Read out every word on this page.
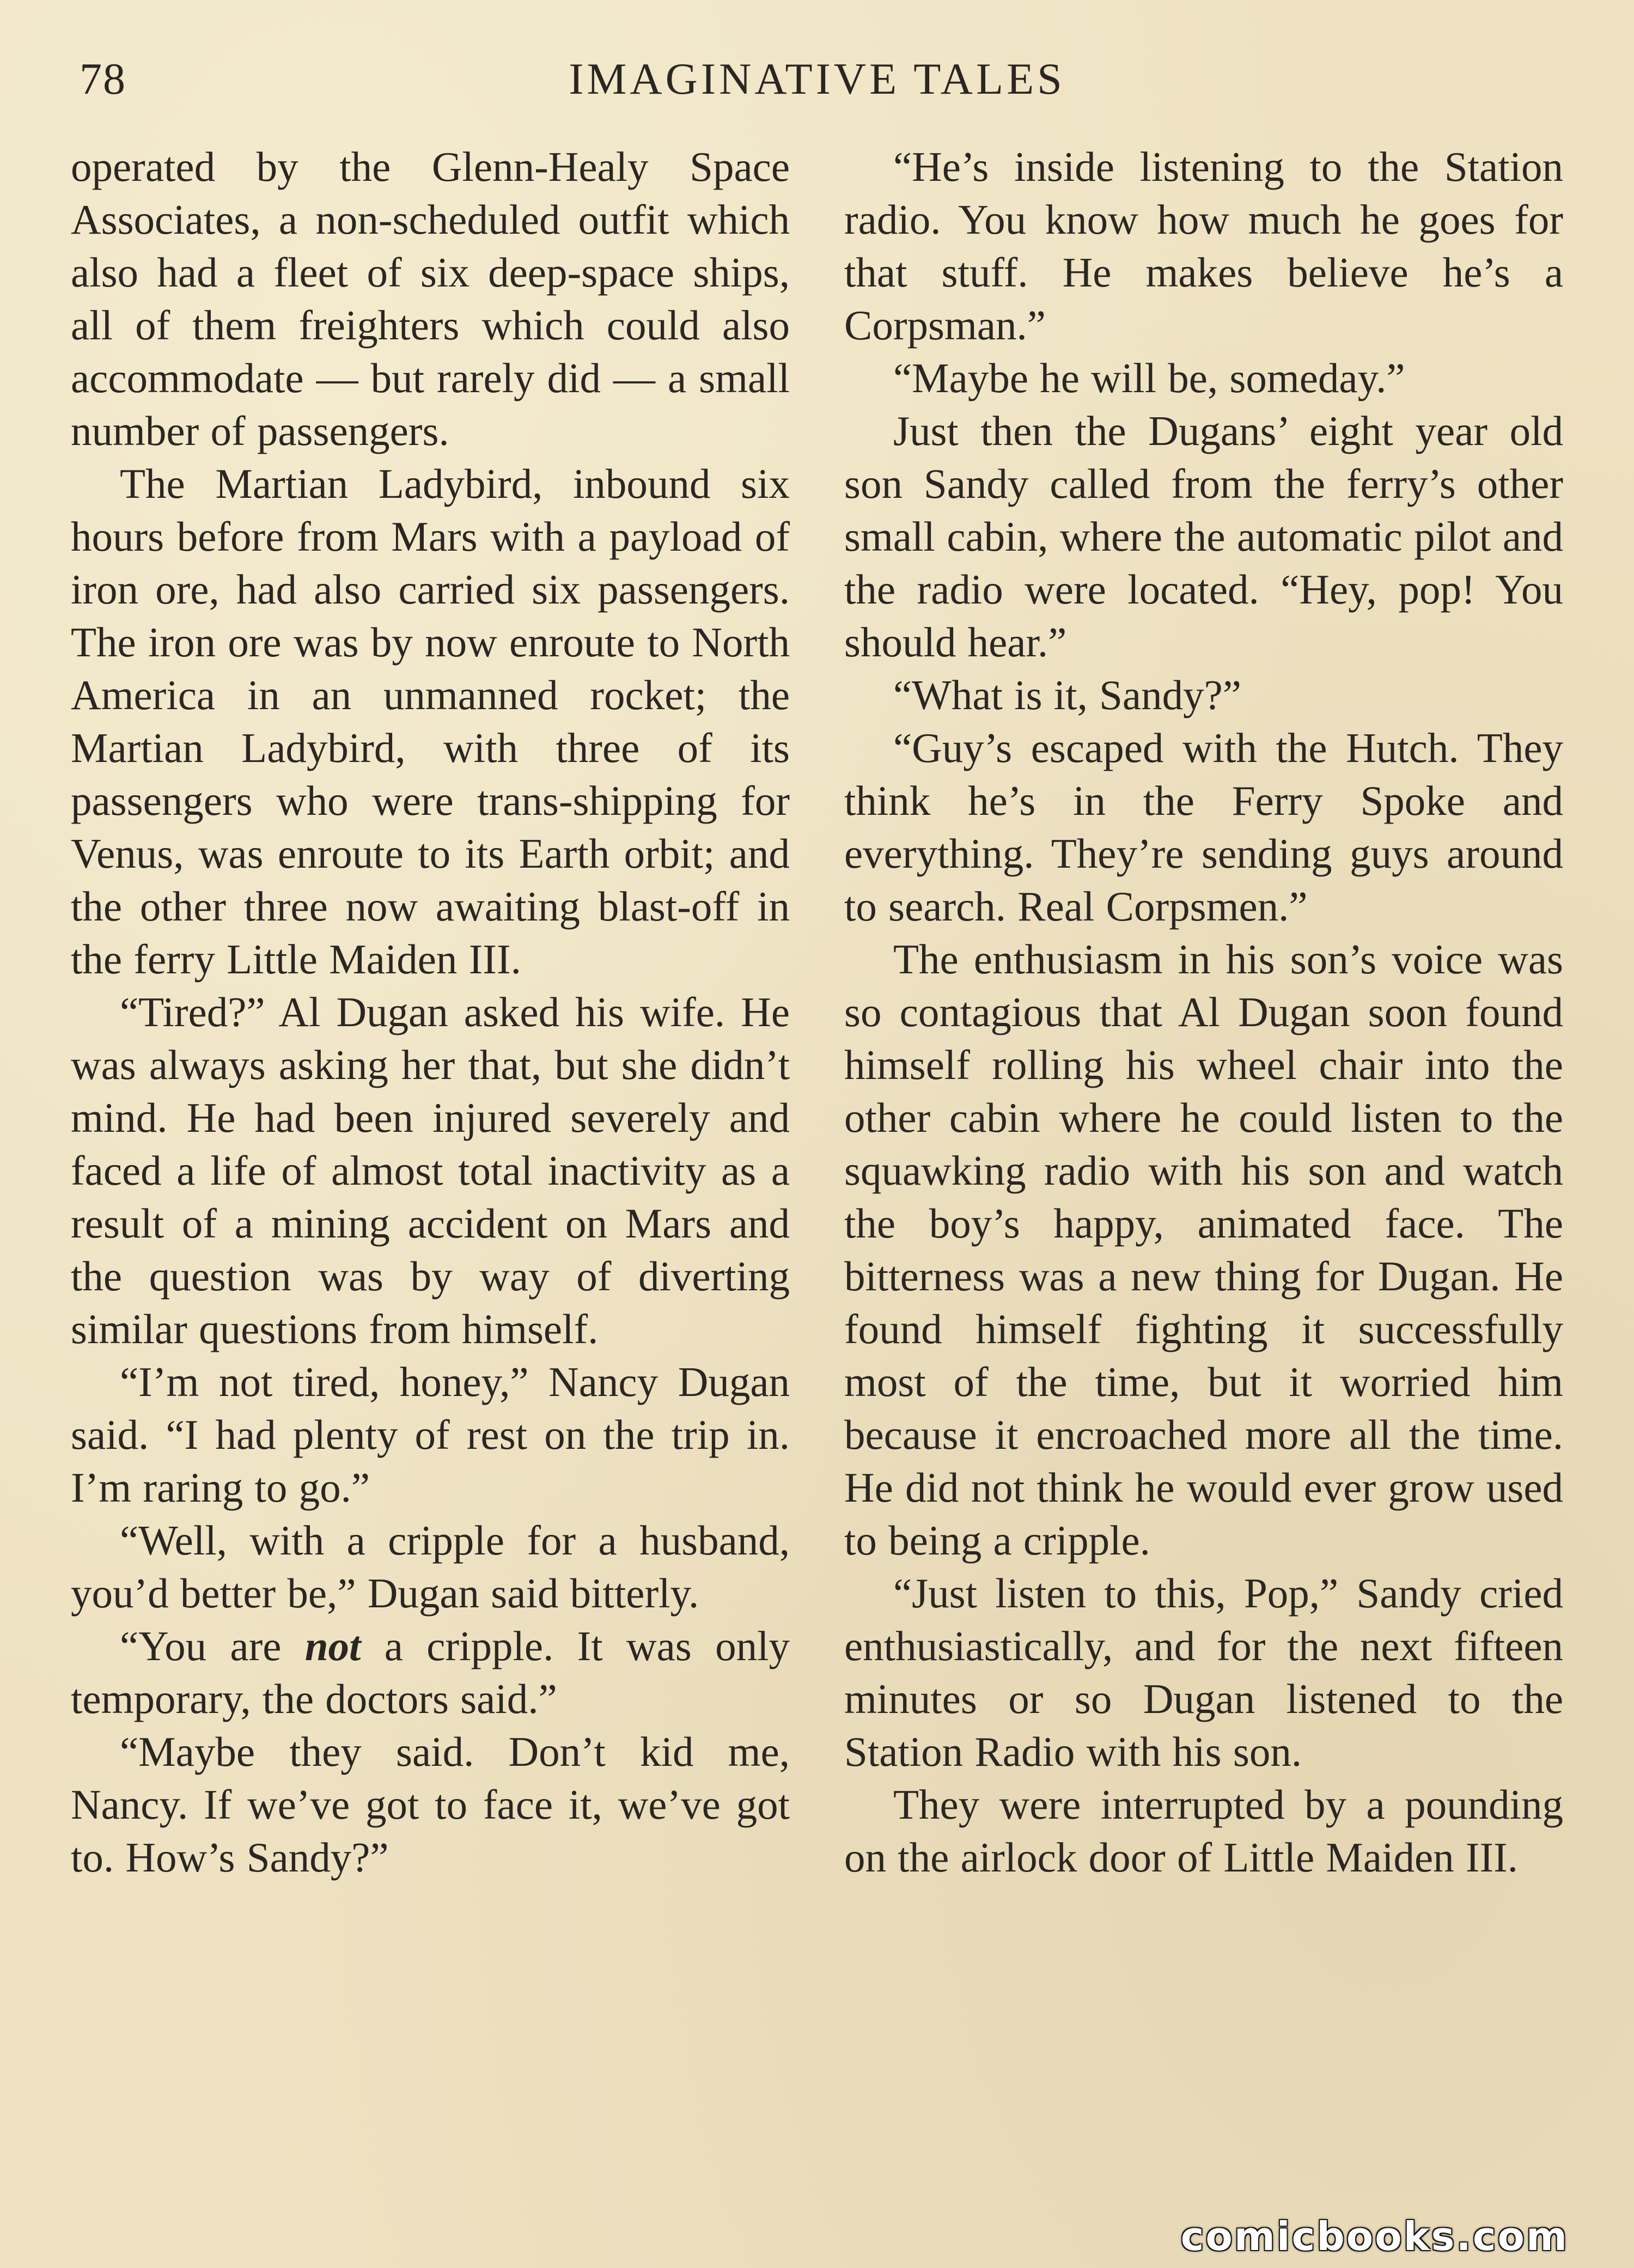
78	IMAGINATIVE TALES

operated by the Glenn-Healy Space Associates, a non-scheduled outfit which also had a fleet of six deep-space ships, all of them freighters which could also accommodate — but rarely did — a small number of passengers.

The Martian Ladybird, inbound six hours before from Mars with a payload of iron ore, had also carried six passengers. The iron ore was by now enroute to North America in an unmanned rocket; the Martian Ladybird, with three of its passengers who were trans-shipping for Venus, was enroute to its Earth orbit; and the other three now awaiting blast-off in the ferry Little Maiden III.

“Tired?” Al Dugan asked his wife. He was always asking her that, but she didn’t mind. He had been injured severely and faced a life of almost total inactivity as a result of a mining accident on Mars and the question was by way of diverting similar questions from himself.

“I’m not tired, honey,” Nancy Dugan said. “I had plenty of rest on the trip in. I’m raring to go.”

“Well, with a cripple for a husband, you’d better be,” Dugan said bitterly.

“You are not a cripple. It was only temporary, the doctors said.”

“Maybe they said. Don’t kid me, Nancy. If we’ve got to face it, we’ve got to. How’s Sandy?”

“He’s inside listening to the Station radio. You know how much he goes for that stuff. He makes believe he’s a Corpsman.”

“Maybe he will be, someday.”

Just then the Dugans’ eight year old son Sandy called from the ferry’s other small cabin, where the automatic pilot and the radio were located. “Hey, pop! You should hear.”

“What is it, Sandy?”

“Guy’s escaped with the Hutch. They think he’s in the Ferry Spoke and everything. They’re sending guys around to search. Real Corpsmen.”

The enthusiasm in his son’s voice was so contagious that Al Dugan soon found himself rolling his wheel chair into the other cabin where he could listen to the squawking radio with his son and watch the boy’s happy, animated face. The bitterness was a new thing for Dugan. He found himself fighting it successfully most of the time, but it worried him because it encroached more all the time. He did not think he would ever grow used to being a cripple.

“Just listen to this, Pop,” Sandy cried enthusiastically, and for the next fifteen minutes or so Dugan listened to the Station Radio with his son.

They were interrupted by a pounding on the airlock door of Little Maiden III.

comicbooks.com
